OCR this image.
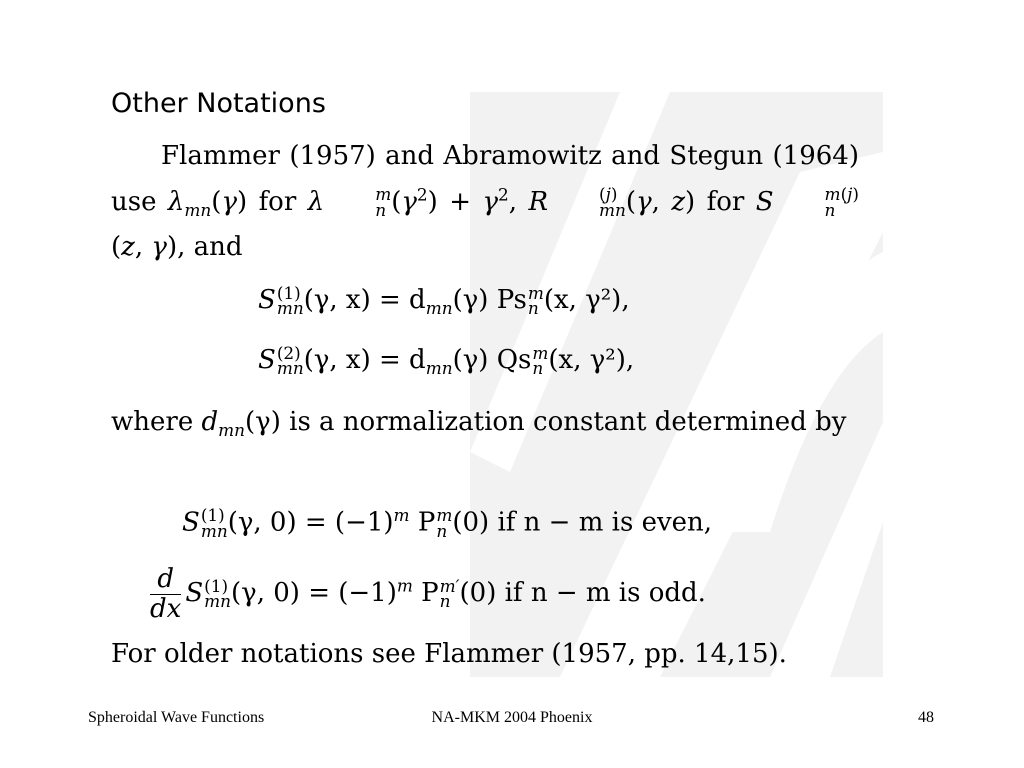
Other Notations
Flammer (1957) and Abramowitz and Stegun (1964) use $\lambda_{mn}(\gamma)$ for λ	m
n $(\gamma^2) + \gamma^2$, R	(j)
mn (γ, z) for S	m(j)
n
(z, γ), and
S (1)
mn (γ, $x) = d_{mn}(\gamma)$ Ps m
n (x, γ²),
S (2)
mn (γ, $x) = d_{mn}(\gamma)$ Qs m
n (x, γ²),
where $d_{mn}(\gamma)$ is a normalization constant determined by
S (1)
mn (γ, $0) = (-1)^m$ P m
n (0) if n − m is even,
$\frac{d}{dx}$ S (1)
mn (γ, $0) = (-1)^m$ P m′
n (0) if n − m is odd.
For older notations see Flammer (1957, pp. 14,15).
Spheroidal Wave Functions	NA-MKM 2004 Phoenix	48
